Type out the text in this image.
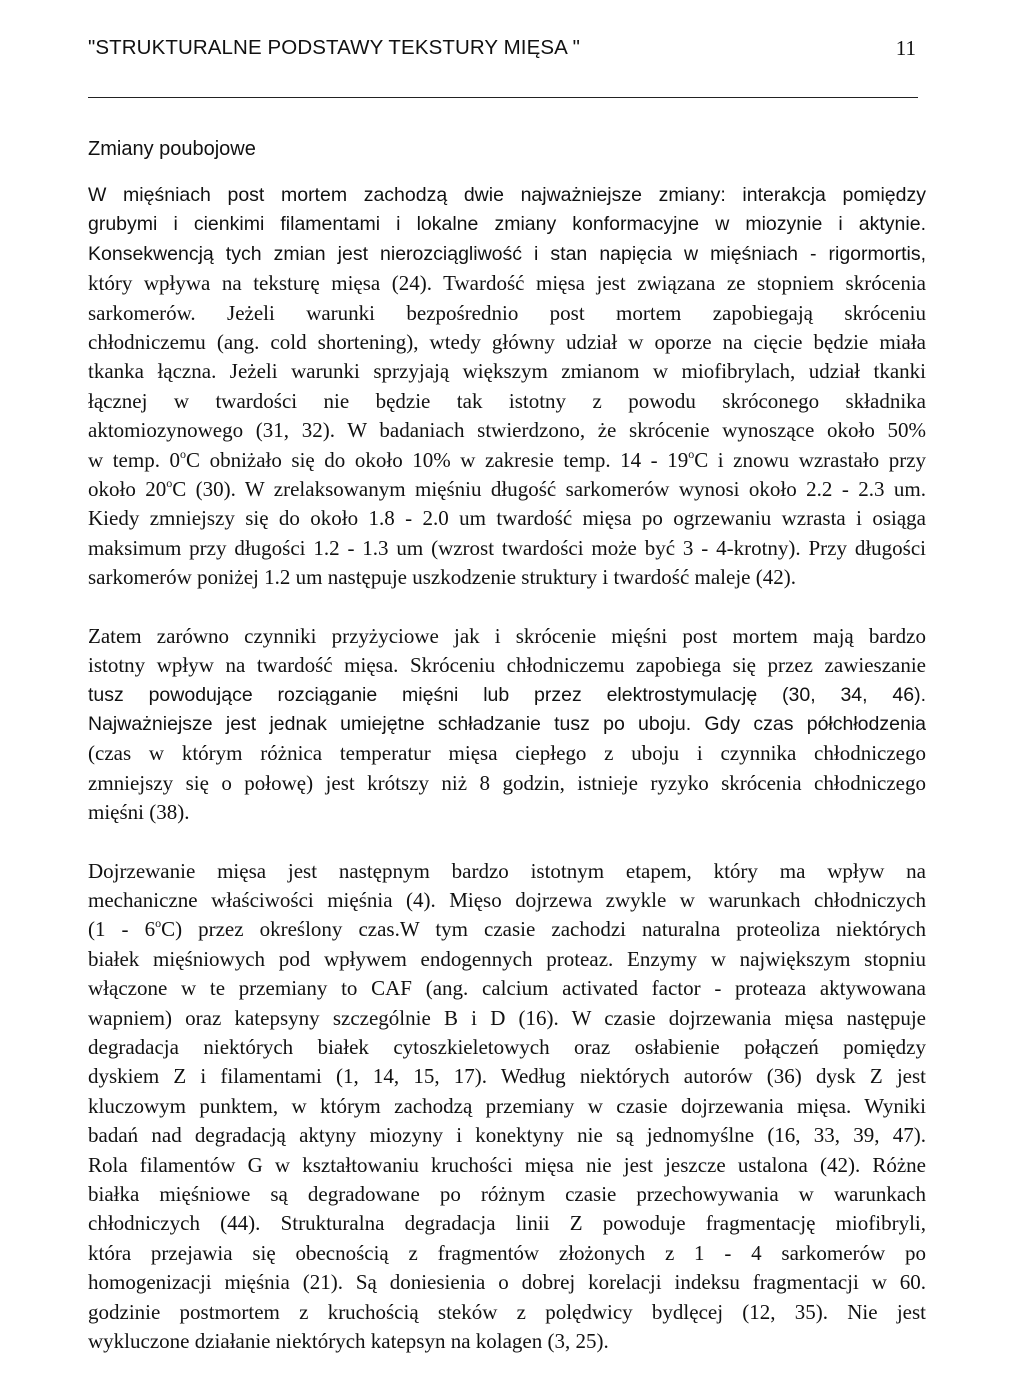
"STRUKTURALNE PODSTAWY TEKSTURY MIĘSA "	11
Zmiany poubojowe
W mięśniach post mortem zachodzą dwie najważniejsze zmiany: interakcja pomiędzy
grubymi i cienkimi filamentami i lokalne zmiany konformacyjne w miozynie i aktynie.
Konsekwencją tych zmian jest nierozciągliwość i stan napięcia w mięśniach - rigormortis,
który wpływa na teksturę mięsa (24). Twardość mięsa jest związana ze stopniem skrócenia
sarkomerów. Jeżeli warunki bezpośrednio post mortem zapobiegają skróceniu
chłodniczemu (ang. cold shortening), wtedy główny udział w oporze na cięcie będzie miała
tkanka łączna. Jeżeli warunki sprzyjają większym zmianom w miofibrylach, udział tkanki
łącznej w twardości nie będzie tak istotny z powodu skróconego składnika
aktomiozynowego (31, 32). W badaniach stwierdzono, że skrócenie wynoszące około 50%
w temp. 0$^o$C obniżało się do około 10% w zakresie temp. 14 - 19$^o$C i znowu wzrastało przy
około 20$^o$C (30). W zrelaksowanym mięśniu długość sarkomerów wynosi około 2.2 - 2.3 um.
Kiedy zmniejszy się do około 1.8 - 2.0 um twardość mięsa po ogrzewaniu wzrasta i osiąga
maksimum przy długości 1.2 - 1.3 um (wzrost twardości może być 3 - 4-krotny). Przy długości
sarkomerów poniżej 1.2 um następuje uszkodzenie struktury i twardość maleje (42).
Zatem zarówno czynniki przyżyciowe jak i skrócenie mięśni post mortem mają bardzo
istotny wpływ na twardość mięsa. Skróceniu chłodniczemu zapobiega się przez zawieszanie
tusz powodujące rozciąganie mięśni lub przez elektrostymulację (30, 34, 46).
Najważniejsze jest jednak umiejętne schładzanie tusz po uboju. Gdy czas półchłodzenia
(czas w którym różnica temperatur mięsa ciepłego z uboju i czynnika chłodniczego
zmniejszy się o połowę) jest krótszy niż 8 godzin, istnieje ryzyko skrócenia chłodniczego
mięśni (38).
Dojrzewanie mięsa jest następnym bardzo istotnym etapem, który ma wpływ na
mechaniczne właściwości mięśnia (4). Mięso dojrzewa zwykle w warunkach chłodniczych
(1 - 6$^o$C) przez określony czas.W tym czasie zachodzi naturalna proteoliza niektórych
białek mięśniowych pod wpływem endogennych proteaz. Enzymy w największym stopniu
włączone w te przemiany to CAF (ang. calcium activated factor - proteaza aktywowana
wapniem) oraz katepsyny szczególnie B i D (16). W czasie dojrzewania mięsa następuje
degradacja niektórych białek cytoszkieletowych oraz osłabienie połączeń pomiędzy
dyskiem Z i filamentami (1, 14, 15, 17). Według niektórych autorów (36) dysk Z jest
kluczowym punktem, w którym zachodzą przemiany w czasie dojrzewania mięsa. Wyniki
badań nad degradacją aktyny miozyny i konektyny nie są jednomyślne (16, 33, 39, 47).
Rola filamentów G w kształtowaniu kruchości mięsa nie jest jeszcze ustalona (42). Różne
białka mięśniowe są degradowane po różnym czasie przechowywania w warunkach
chłodniczych (44). Strukturalna degradacja linii Z powoduje fragmentację miofibryli,
która przejawia się obecnością z fragmentów złożonych z 1 - 4 sarkomerów po
homogenizacji mięśnia (21). Są doniesienia o dobrej korelacji indeksu fragmentacji w 60.
godzinie postmortem z kruchością steków z polędwicy bydlęcej (12, 35). Nie jest
wykluczone działanie niektórych katepsyn na kolagen (3, 25).
